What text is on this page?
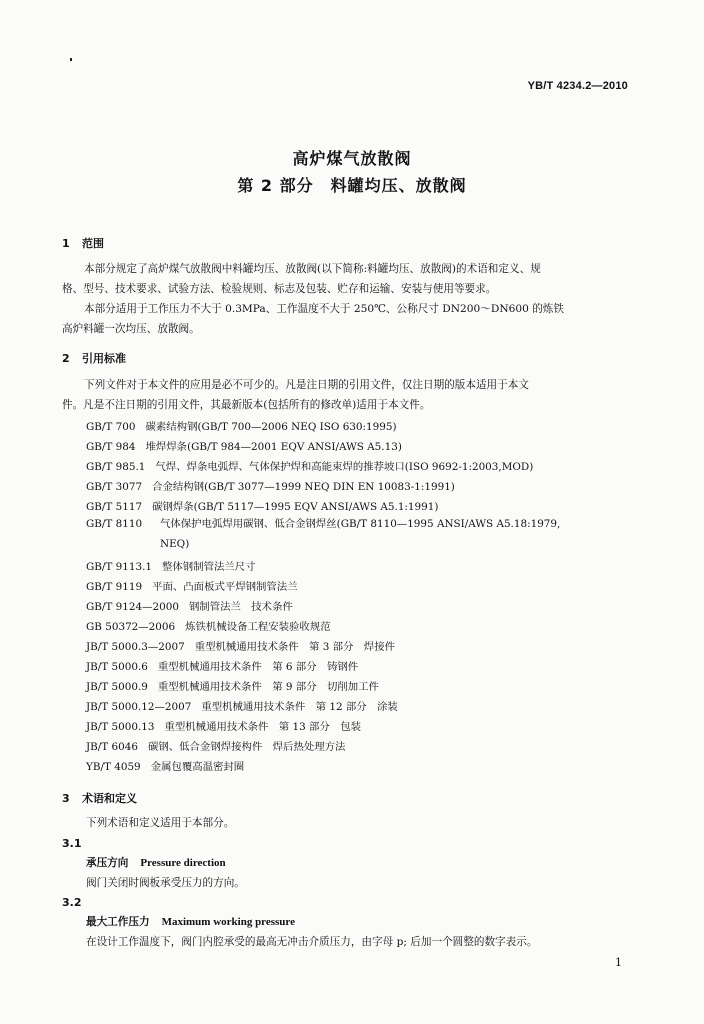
YB/T 4234.2—2010
高炉煤气放散阀
第 2 部分　料罐均压、放散阀
1 范围
本部分规定了高炉煤气放散阀中料罐均压、放散阀(以下简称:料罐均压、放散阀)的术语和定义、规
格、型号、技术要求、试验方法、检验规则、标志及包装、贮存和运输、安装与使用等要求。
本部分适用于工作压力不大于 0.3MPa、工作温度不大于 250℃、公称尺寸 DN200～DN600 的炼铁
高炉料罐一次均压、放散阀。
2 引用标准
下列文件对于本文件的应用是必不可少的。凡是注日期的引用文件，仅注日期的版本适用于本文
件。凡是不注日期的引用文件，其最新版本(包括所有的修改单)适用于本文件。
GB/T 700 碳素结构钢(GB/T 700—2006 NEQ ISO 630:1995)
GB/T 984 堆焊焊条(GB/T 984—2001 EQV ANSI/AWS A5.13)
GB/T 985.1 气焊、焊条电弧焊、气体保护焊和高能束焊的推荐坡口(ISO 9692-1:2003,MOD)
GB/T 3077 合金结构钢(GB/T 3077—1999 NEQ DIN EN 10083-1:1991)
GB/T 5117 碳钢焊条(GB/T 5117—1995 EQV ANSI/AWS A5.1:1991)
GB/T 8110	气体保护电弧焊用碳钢、低合金钢焊丝(GB/T 8110—1995 ANSI/AWS A5.18:1979,
NEQ)
GB/T 9113.1 整体钢制管法兰尺寸
GB/T 9119 平面、凸面板式平焊钢制管法兰
GB/T 9124—2000 钢制管法兰　技术条件
GB 50372—2006 炼铁机械设备工程安装验收规范
JB/T 5000.3—2007 重型机械通用技术条件　第 3 部分　焊接件
JB/T 5000.6 重型机械通用技术条件　第 6 部分　铸钢件
JB/T 5000.9 重型机械通用技术条件　第 9 部分　切削加工件
JB/T 5000.12—2007 重型机械通用技术条件　第 12 部分　涂装
JB/T 5000.13 重型机械通用技术条件　第 13 部分　包装
JB/T 6046 碳钢、低合金钢焊接构件　焊后热处理方法
YB/T 4059 金属包覆高温密封圈
3 术语和定义
下列术语和定义适用于本部分。
3.1
承压方向 Pressure direction
阀门关闭时阀板承受压力的方向。
3.2
最大工作压力 Maximum working pressure
在设计工作温度下，阀门内腔承受的最高无冲击介质压力，由字母 p; 后加一个圆整的数字表示。
1
